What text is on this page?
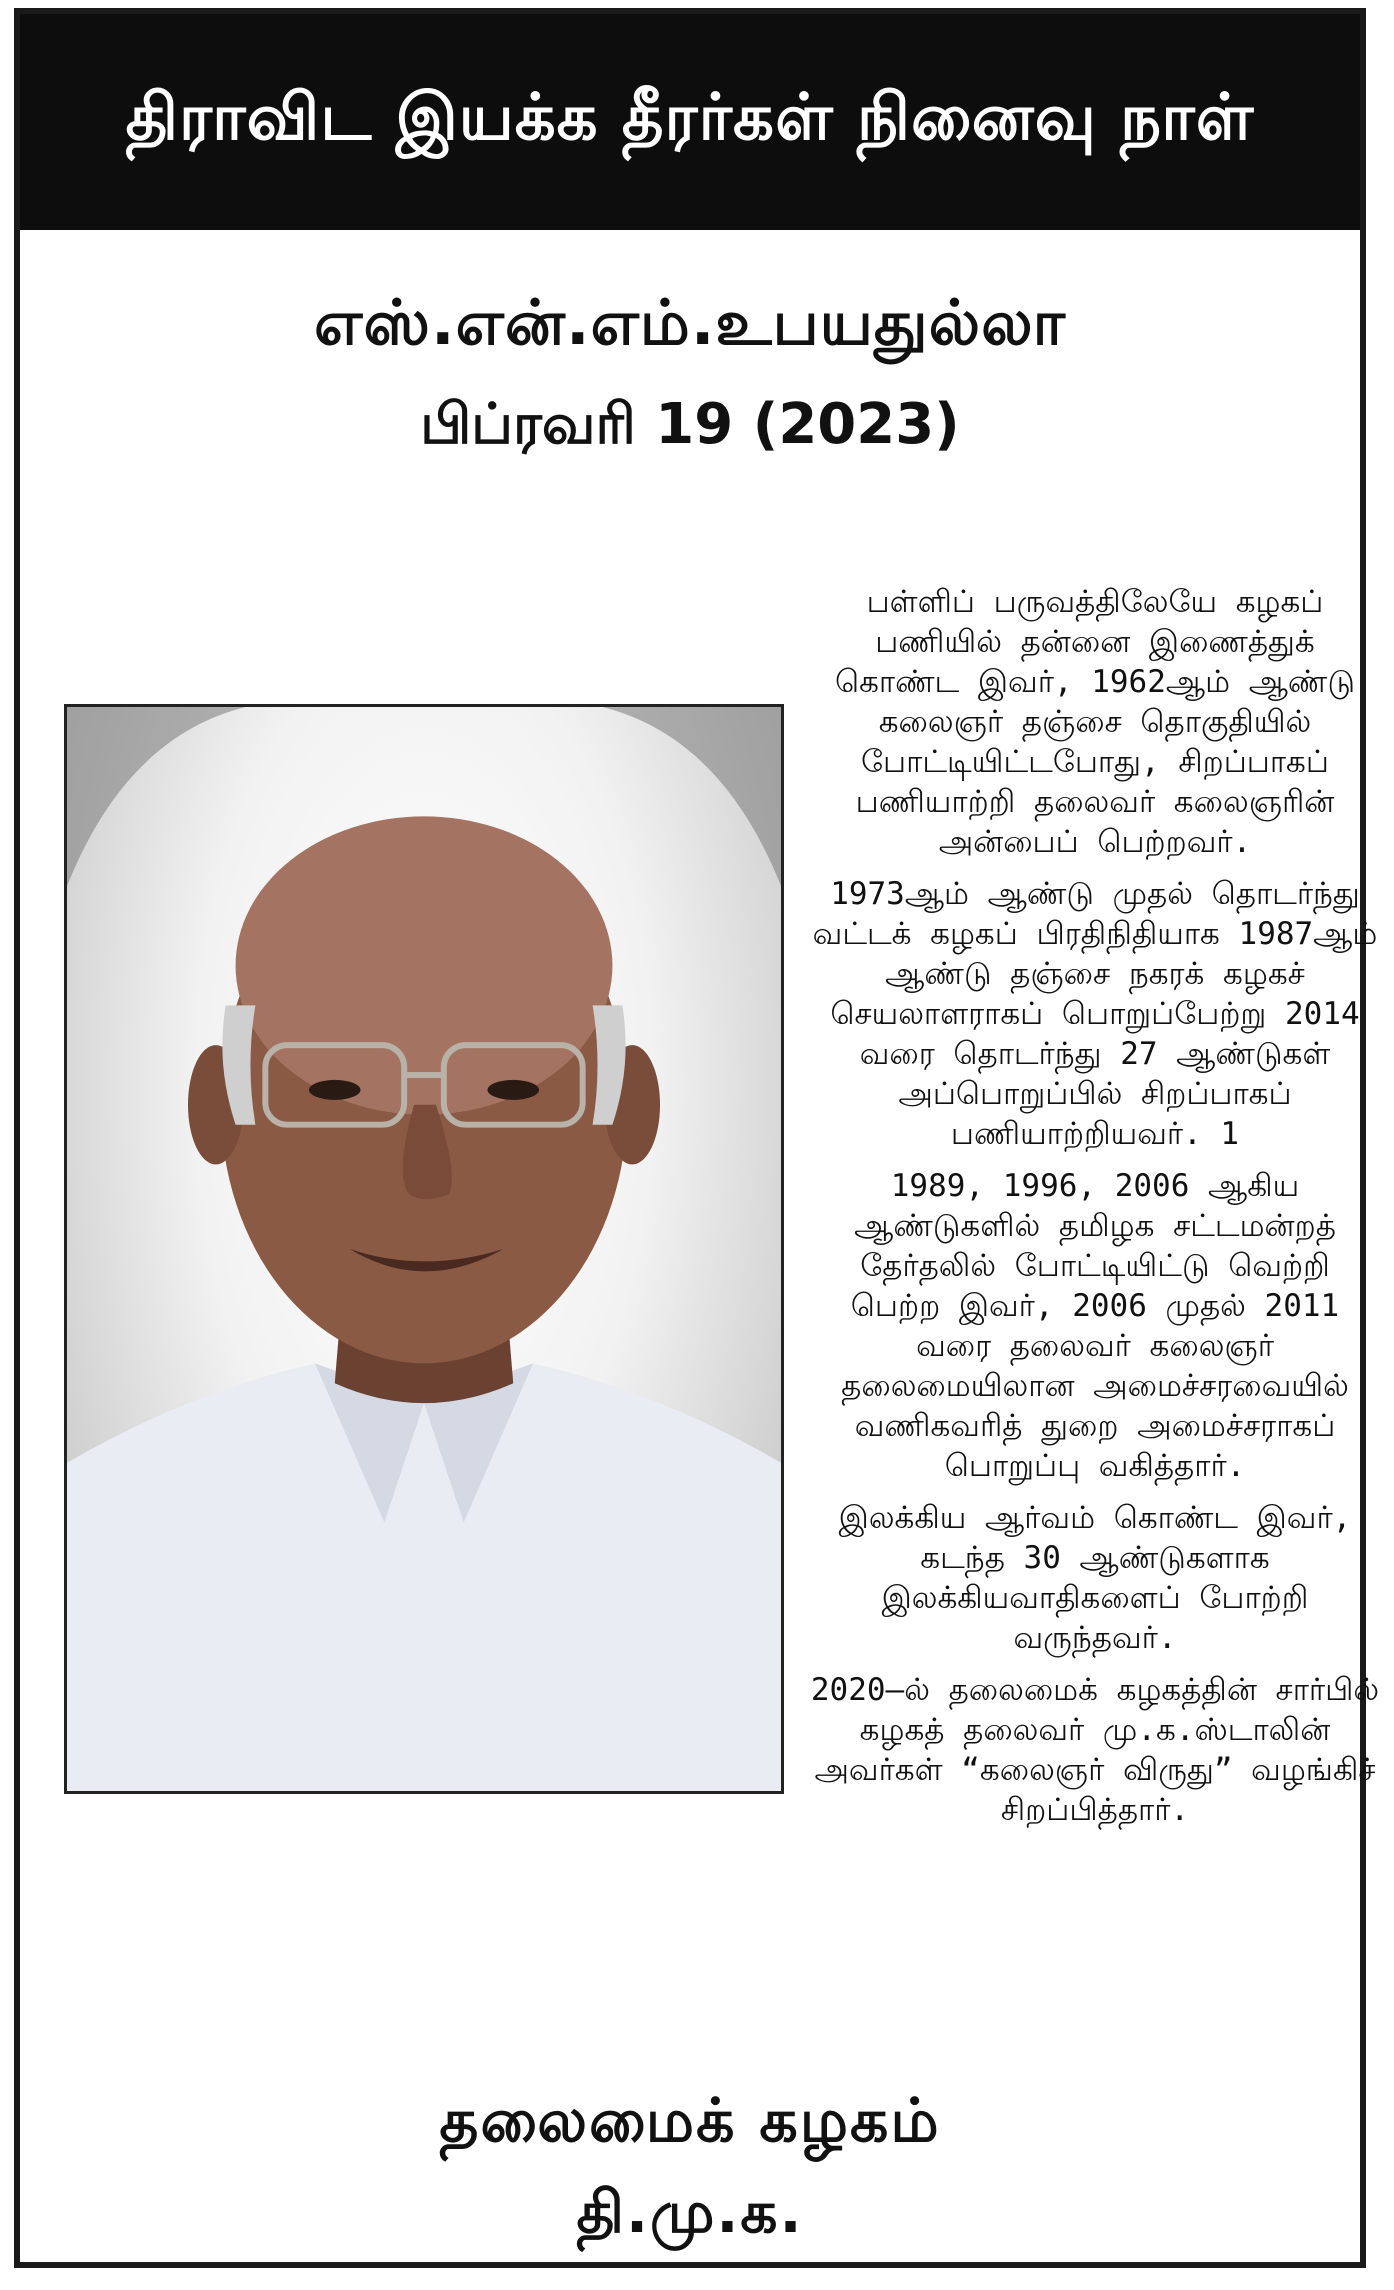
திராவிட இயக்க தீரர்கள் நினைவு நாள்
எஸ்.என்.எம்.உபயதுல்லா
பிப்ரவரி 19 (2023)

பள்ளிப் பருவத்திலேயே கழகப் பணியில் தன்னை இணைத்துக் கொண்ட இவர், 1962ஆம் ஆண்டு கலைஞர் தஞ்சை தொகுதியில் போட்டியிட்டபோது, சிறப்பாகப் பணியாற்றி தலைவர் கலைஞரின் அன்பைப் பெற்றவர்.

1973ஆம் ஆண்டு முதல் தொடர்ந்து வட்டக் கழகப் பிரதிநிதியாக 1987ஆம் ஆண்டு தஞ்சை நகரக் கழகச் செயலாளராகப் பொறுப்பேற்று 2014 வரை தொடர்ந்து 27 ஆண்டுகள் அப்பொறுப்பில் சிறப்பாகப் பணியாற்றியவர். 1

1989, 1996, 2006 ஆகிய ஆண்டுகளில் தமிழக சட்டமன்றத் தேர்தலில் போட்டியிட்டு வெற்றி பெற்ற இவர், 2006 முதல் 2011 வரை தலைவர் கலைஞர் தலைமையிலான அமைச்சரவையில் வணிகவரித் துறை அமைச்சராகப் பொறுப்பு வகித்தார்.

இலக்கிய ஆர்வம் கொண்ட இவர், கடந்த 30 ஆண்டுகளாக இலக்கியவாதிகளைப் போற்றி வருந்தவர்.

2020–ல் தலைமைக் கழகத்தின் சார்பில் கழகத் தலைவர் மு.க.ஸ்டாலின் அவர்கள் “கலைஞர் விருது” வழங்கிச் சிறப்பித்தார்.

தலைமைக் கழகம்
தி.மு.க.
